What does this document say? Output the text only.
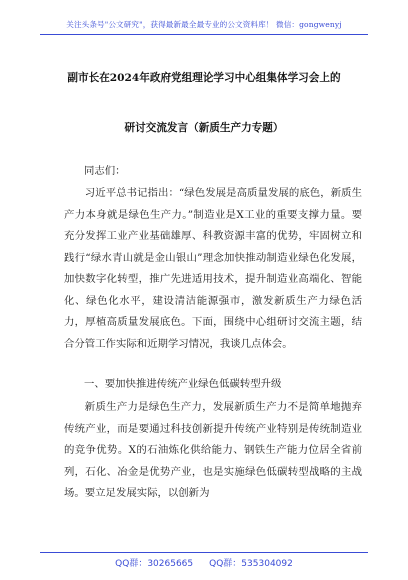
关注头条号"公文研究"，获得最新最全最专业的公文资料库！ 微信：gongwenyj
副市长在2024年政府党组理论学习中心组集体学习会上的
研讨交流发言（新质生产力专题）
同志们：
习近平总书记指出：“绿色发展是高质量发展的底色，新质生产力本身就是绿色生产力。”制造业是X工业的重要支撑力量。要充分发挥工业产业基础雄厚、科教资源丰富的优势，牢固树立和践行“绿水青山就是金山银山”理念加快推动制造业绿色化发展，加快数字化转型，推广先进适用技术，提升制造业高端化、智能化、绿色化水平，建设清洁能源强市，激发新质生产力绿色活力，厚植高质量发展底色。下面，围绕中心组研讨交流主题，结合分管工作实际和近期学习情况，我谈几点体会。
一、要加快推进传统产业绿色低碳转型升级
新质生产力是绿色生产力，发展新质生产力不是简单地抛弃传统产业，而是要通过科技创新提升传统产业特别是传统制造业的竞争优势。X的石油炼化供给能力、钢铁生产能力位居全省前列，石化、冶金是优势产业，也是实施绿色低碳转型战略的主战场。要立足发展实际，以创新为
QQ群：30265665 QQ群：535304092
